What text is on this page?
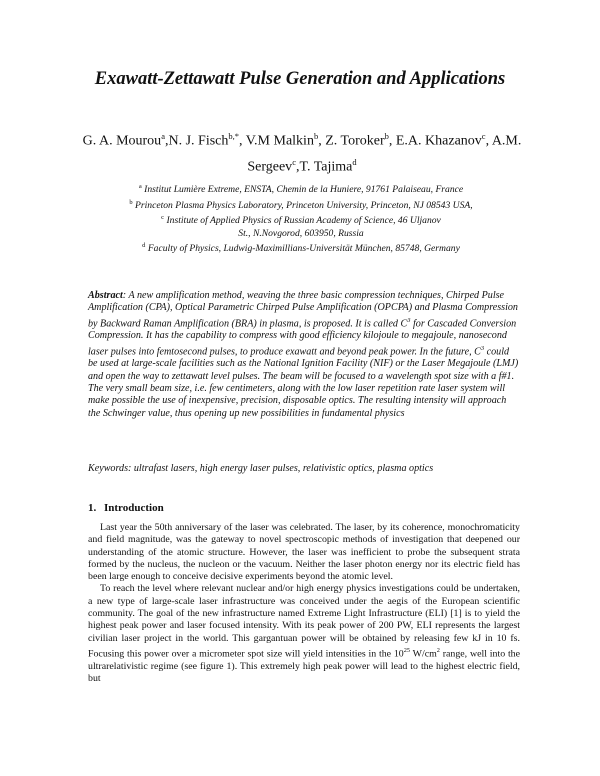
Exawatt-Zettawatt Pulse Generation and Applications
G. A. Mourou$^a$,N. J. Fisch$^{b,*}$, V.M Malkin$^b$, Z. Toroker$^b$, E.A. Khazanov$^c$, A.M. Sergeev$^c$,T. Tajima$^d$
$^a$ Institut Lumière Extreme, ENSTA, Chemin de la Huniere, 91761 Palaiseau, France
$^b$ Princeton Plasma Physics Laboratory, Princeton University, Princeton, NJ 08543 USA,
$^c$ Institute of Applied Physics of Russian Academy of Science, 46 Uljanov St., N.Novgorod, 603950, Russia
$^d$ Faculty of Physics, Ludwig-Maximillians-Universität München, 85748, Germany
Abstract: A new amplification method, weaving the three basic compression techniques, Chirped Pulse Amplification (CPA), Optical Parametric Chirped Pulse Amplification (OPCPA) and Plasma Compression by Backward Raman Amplification (BRA) in plasma, is proposed. It is called $C^3$ for Cascaded Conversion Compression. It has the capability to compress with good efficiency kilojoule to megajoule, nanosecond laser pulses into femtosecond pulses, to produce exawatt and beyond peak power. In the future, $C^3$ could be used at large-scale facilities such as the National Ignition Facility (NIF) or the Laser Megajoule (LMJ) and open the way to zettawatt level pulses. The beam will be focused to a wavelength spot size with a f#1. The very small beam size, i.e. few centimeters, along with the low laser repetition rate laser system will make possible the use of inexpensive, precision, disposable optics. The resulting intensity will approach the Schwinger value, thus opening up new possibilities in fundamental physics
Keywords: ultrafast lasers, high energy laser pulses, relativistic optics, plasma optics
1. Introduction

Last year the 50th anniversary of the laser was celebrated. The laser, by its coherence, monochromaticity and field magnitude, was the gateway to novel spectroscopic methods of investigation that deepened our understanding of the atomic structure. However, the laser was inefficient to probe the subsequent strata formed by the nucleus, the nucleon or the vacuum. Neither the laser photon energy nor its electric field has been large enough to conceive decisive experiments beyond the atomic level.

To reach the level where relevant nuclear and/or high energy physics investigations could be undertaken, a new type of large-scale laser infrastructure was conceived under the aegis of the European scientific community. The goal of the new infrastructure named Extreme Light Infrastructure (ELI) [1] is to yield the highest peak power and laser focused intensity. With its peak power of 200 PW, ELI represents the largest civilian laser project in the world. This gargantuan power will be obtained by releasing few kJ in 10 fs. Focusing this power over a micrometer spot size will yield intensities in the $10^{25}$ $W/cm^2$ range, well into the ultrarelativistic regime (see figure 1). This extremely high peak power will lead to the highest electric field, but
